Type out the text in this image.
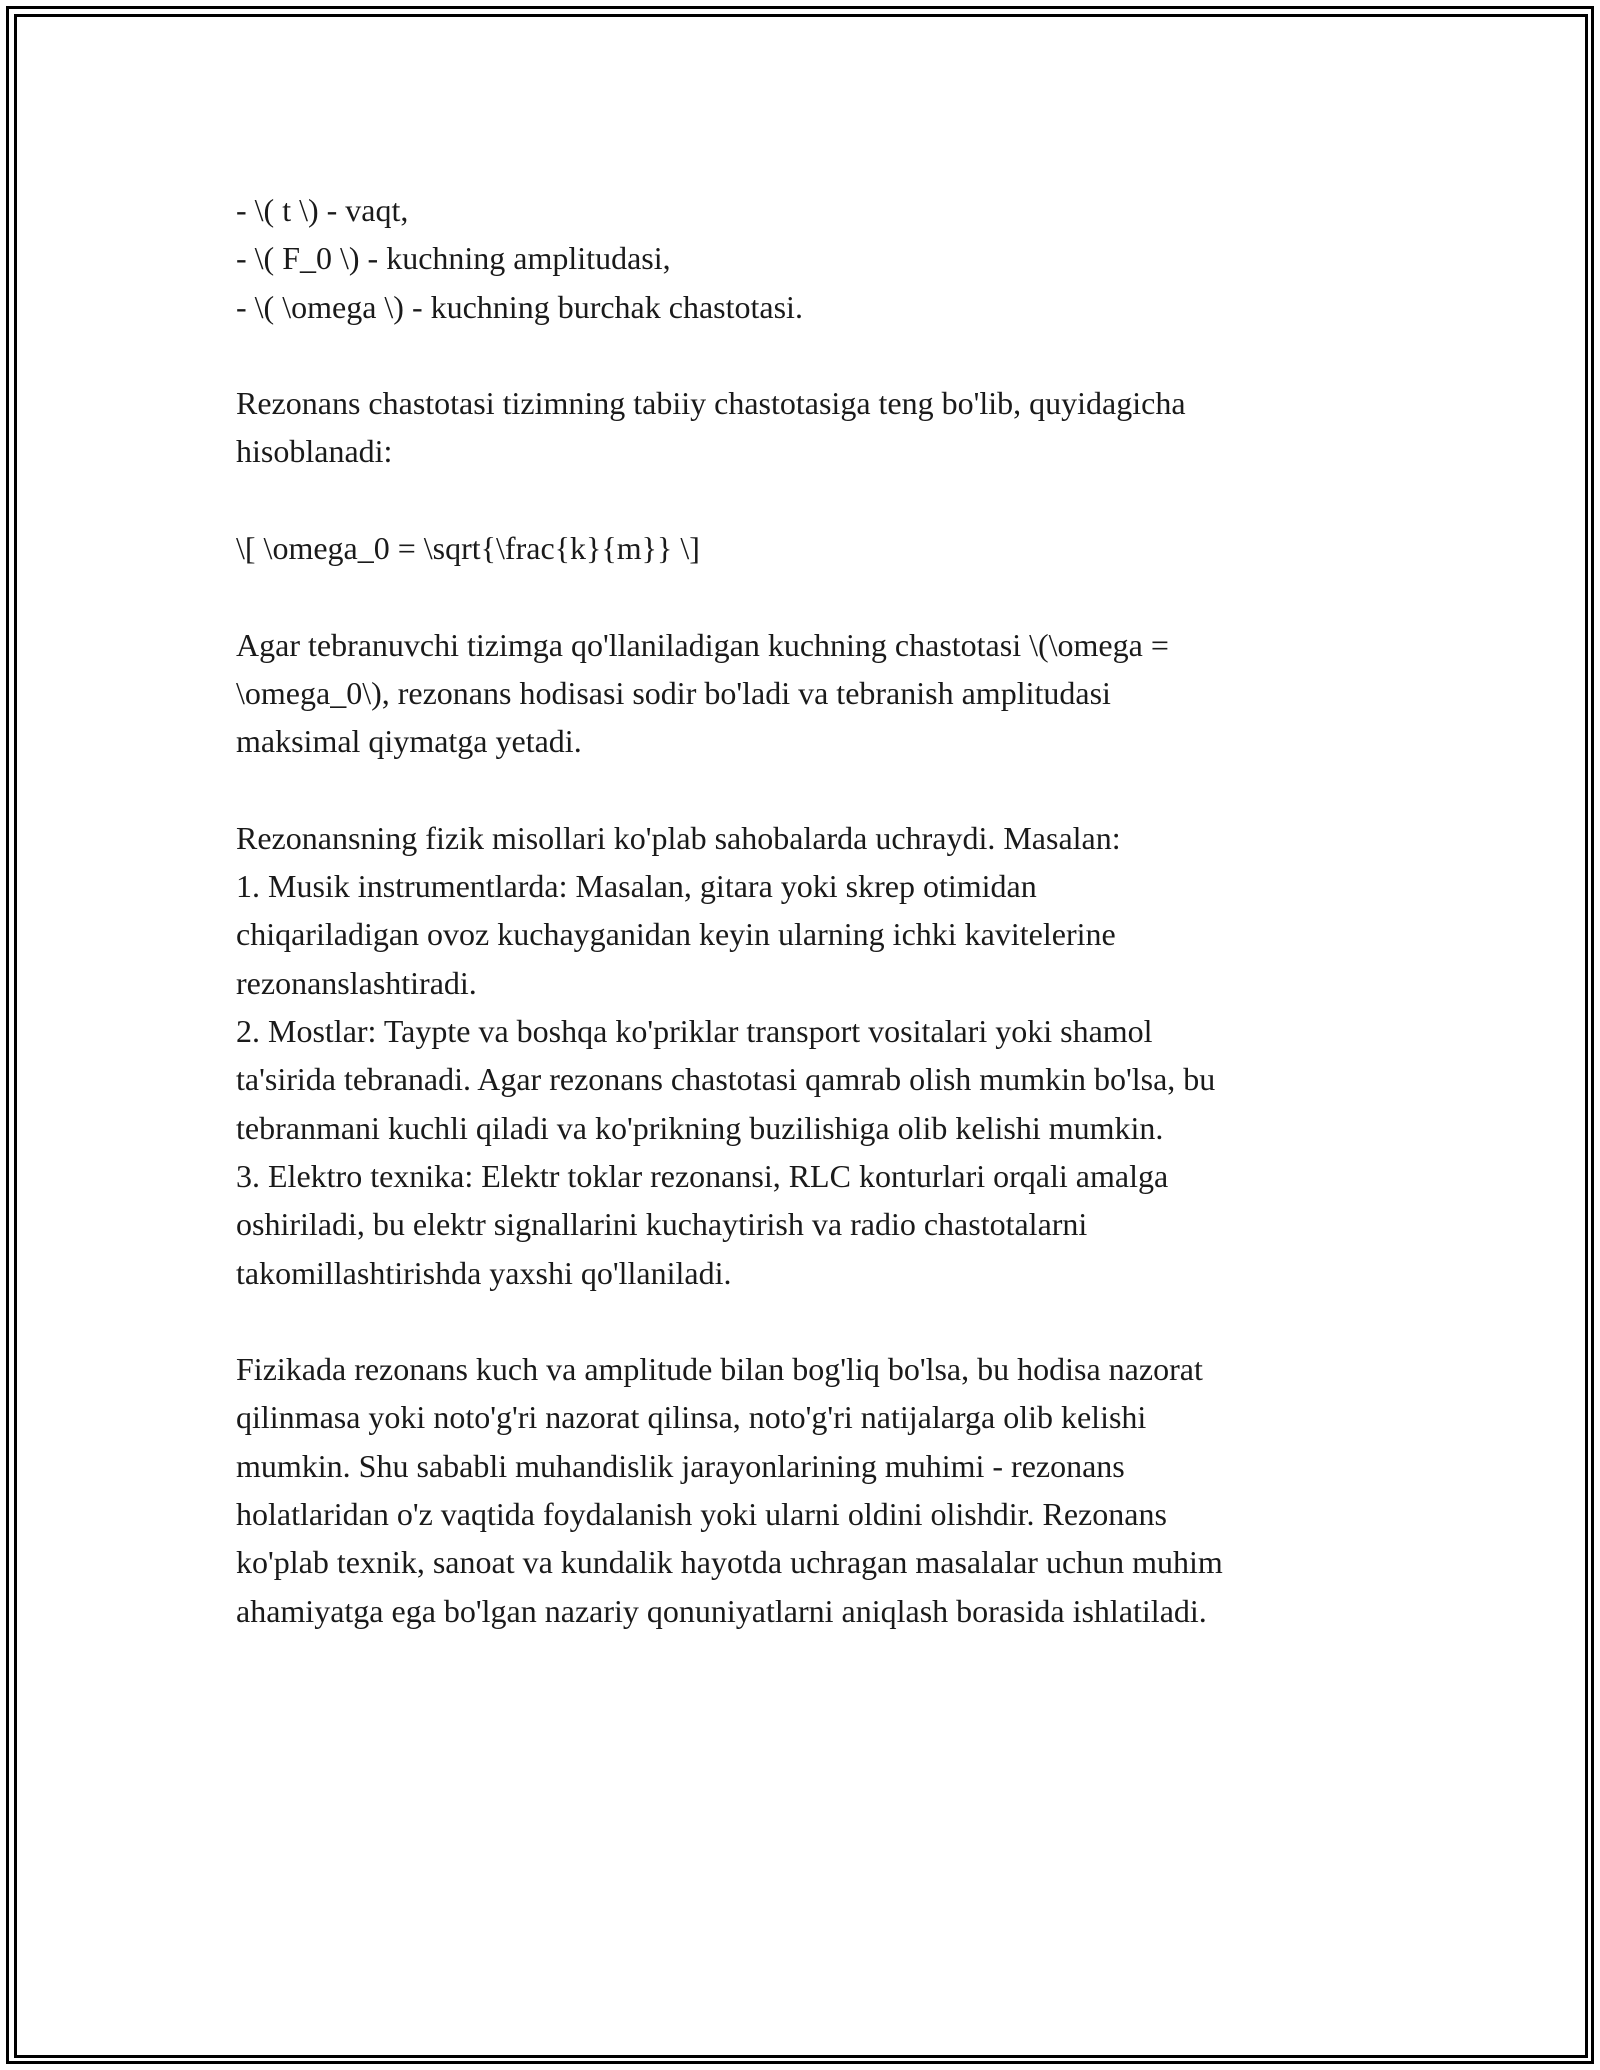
- \( t \) - vaqt,
- \( F_0 \) - kuchning amplitudasi,
- \( \omega \) - kuchning burchak chastotasi.
Rezonans chastotasi tizimning tabiiy chastotasiga teng bo'lib, quyidagicha
hisoblanadi:
\[ \omega_0 = \sqrt{\frac{k}{m}} \]
Agar tebranuvchi tizimga qo'llaniladigan kuchning chastotasi \(\omega =
\omega_0\), rezonans hodisasi sodir bo'ladi va tebranish amplitudasi
maksimal qiymatga yetadi.
Rezonansning fizik misollari ko'plab sahobalarda uchraydi. Masalan:
1. Musik instrumentlarda: Masalan, gitara yoki skrep otimidan
chiqariladigan ovoz kuchayganidan keyin ularning ichki kavitelerine
rezonanslashtiradi.
2. Mostlar: Taypte va boshqa ko'priklar transport vositalari yoki shamol
ta'sirida tebranadi. Agar rezonans chastotasi qamrab olish mumkin bo'lsa, bu
tebranmani kuchli qiladi va ko'prikning buzilishiga olib kelishi mumkin.
3. Elektro texnika: Elektr toklar rezonansi, RLC konturlari orqali amalga
oshiriladi, bu elektr signallarini kuchaytirish va radio chastotalarni
takomillashtirishda yaxshi qo'llaniladi.
Fizikada rezonans kuch va amplitude bilan bog'liq bo'lsa, bu hodisa nazorat
qilinmasa yoki noto'g'ri nazorat qilinsa, noto'g'ri natijalarga olib kelishi
mumkin. Shu sababli muhandislik jarayonlarining muhimi - rezonans
holatlaridan o'z vaqtida foydalanish yoki ularni oldini olishdir. Rezonans
ko'plab texnik, sanoat va kundalik hayotda uchragan masalalar uchun muhim
ahamiyatga ega bo'lgan nazariy qonuniyatlarni aniqlash borasida ishlatiladi.
